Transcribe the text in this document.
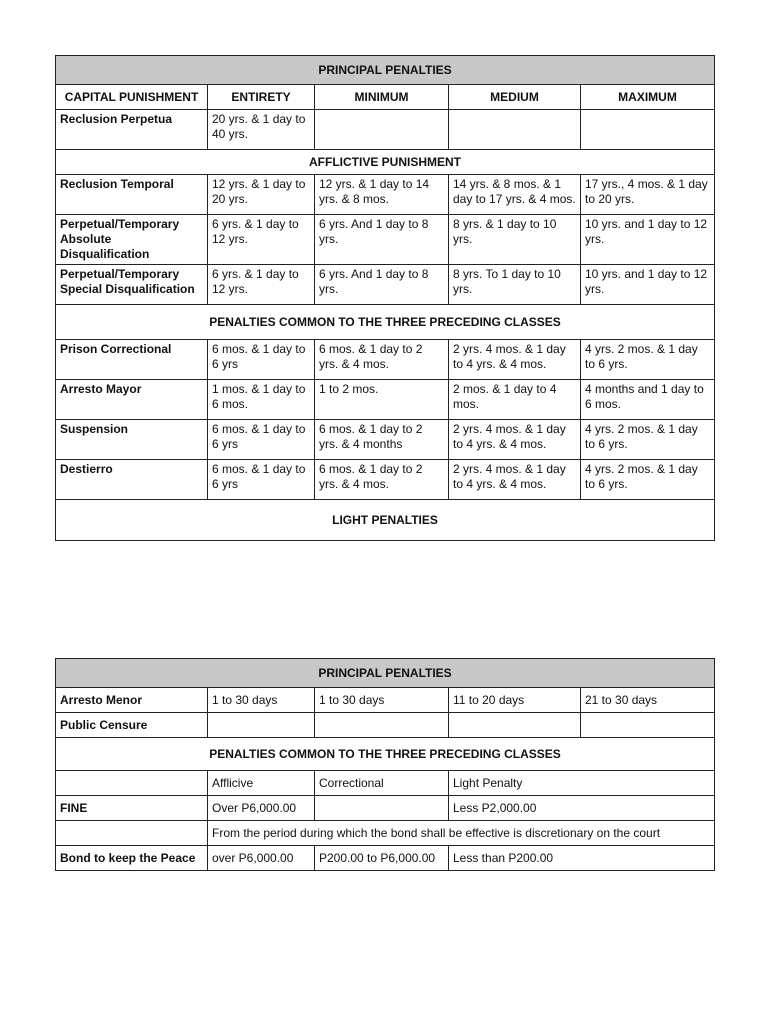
PRINCIPAL PENALTIES				
CAPITAL PUNISHMENT	ENTIRETY	MINIMUM	MEDIUM	MAXIMUM
Reclusion Perpetua	20 yrs. & 1 day to 40 yrs.			
AFFLICTIVE PUNISHMENT				
Reclusion Temporal	12 yrs. & 1 day to 20 yrs.	12 yrs. & 1 day to 14 yrs. & 8 mos.	14 yrs. & 8 mos. & 1 day to 17 yrs. & 4 mos.	17 yrs., 4 mos. & 1 day to 20 yrs.
Perpetual/Temporary Absolute Disqualification	6 yrs. & 1 day to 12 yrs.	6 yrs. And 1 day to 8 yrs.	8 yrs. & 1 day to 10 yrs.	10 yrs. and 1 day to 12 yrs.
Perpetual/Temporary Special Disqualification	6 yrs. & 1 day to 12 yrs.	6 yrs. And 1 day to 8 yrs.	8 yrs. To 1 day to 10 yrs.	10 yrs. and 1 day to 12 yrs.
PENALTIES COMMON TO THE THREE PRECEDING CLASSES				
Prison Correctional	6 mos. & 1 day to 6 yrs	6 mos. & 1 day to 2 yrs. & 4 mos.	2 yrs. 4 mos. & 1 day to 4 yrs. & 4 mos.	4 yrs. 2 mos. & 1 day to 6 yrs.
Arresto Mayor	1 mos. & 1 day to 6 mos.	1 to 2 mos.	2 mos. & 1 day to 4 mos.	4 months and 1 day to 6 mos.
Suspension	6 mos. & 1 day to 6 yrs	6 mos. & 1 day to 2 yrs. & 4 months	2 yrs. 4 mos. & 1 day to 4 yrs. & 4 mos.	4 yrs. 2 mos. & 1 day to 6 yrs.
Destierro	6 mos. & 1 day to 6 yrs	6 mos. & 1 day to 2 yrs. & 4 mos.	2 yrs. 4 mos. & 1 day to 4 yrs. & 4 mos.	4 yrs. 2 mos. & 1 day to 6 yrs.
LIGHT PENALTIES				
PRINCIPAL PENALTIES				
Arresto Menor	1 to 30 days	1 to 30 days	11 to 20 days	21 to 30 days
Public Censure				
PENALTIES COMMON TO THE THREE PRECEDING CLASSES				
	Afflicive	Correctional	Light Penalty	
FINE	Over P6,000.00		Less P2,000.00	
	From the period during which the bond shall be effective is discretionary on the court			
Bond to keep the Peace	over P6,000.00	P200.00 to P6,000.00	Less than P200.00	
